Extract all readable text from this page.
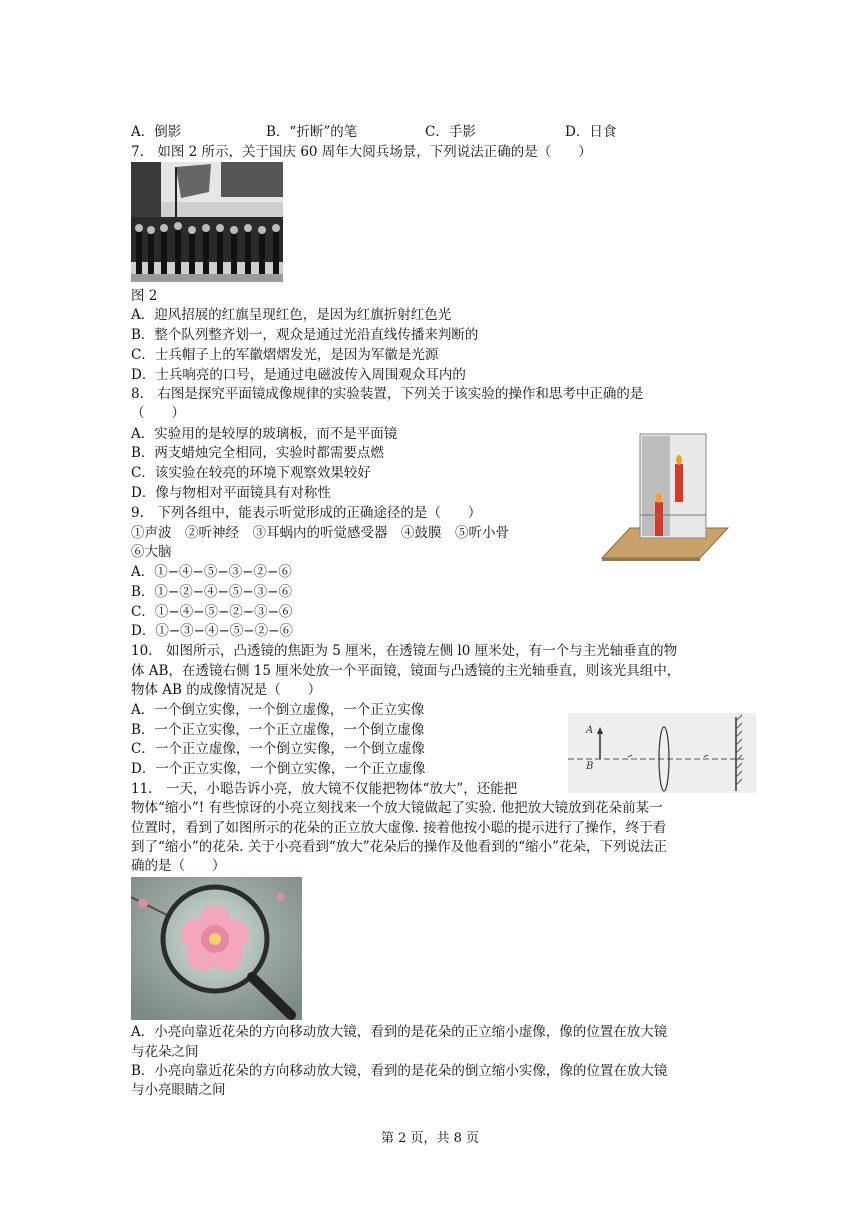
A．倒影	B．“折断”的笔	C．手影	D．日食
7.　如图 2 所示，关于国庆 60 周年大阅兵场景，下列说法正确的是（　　）
图 2
A．迎风招展的红旗呈现红色，是因为红旗折射红色光
B．整个队列整齐划一，观众是通过光沿直线传播来判断的
C．士兵帽子上的军徽熠熠发光，是因为军徽是光源
D．士兵响亮的口号，是通过电磁波传入周围观众耳内的
8.　右图是探究平面镜成像规律的实验装置，下列关于该实验的操作和思考中正确的是
（　　）
A．实验用的是较厚的玻璃板，而不是平面镜
B．两支蜡烛完全相同，实验时都需要点燃
C．该实验在较亮的环境下观察效果较好
D．像与物相对平面镜具有对称性
9.　下列各组中，能表示听觉形成的正确途径的是（　　）
①声波　②听神经　③耳蜗内的听觉感受器　④鼓膜　⑤听小骨
⑥大脑
A．①−④−⑤−③−②−⑥
B．①−②−④−⑤−③−⑥
C．①−④−⑤−②−③−⑥
D．①−③−④−⑤−②−⑥
10.　如图所示，凸透镜的焦距为 5 厘米，在透镜左侧 l0 厘米处，有一个与主光轴垂直的物
体 AB，在透镜右侧 15 厘米处放一个平面镜，镜面与凸透镜的主光轴垂直，则该光具组中，
物体 AB 的成像情况是（　　）
A．一个倒立实像，一个倒立虚像，一个正立实像
B．一个正立实像，一个正立虚像，一个倒立虚像
C．一个正立虚像，一个倒立实像，一个倒立虚像
D．一个正立实像，一个倒立实像，一个正立虚像
A
B
11.　一天，小聪告诉小亮，放大镜不仅能把物体“放大”，还能把
物体“缩小”! 有些惊讶的小亮立刻找来一个放大镜做起了实验. 他把放大镜放到花朵前某一
位置时，看到了如图所示的花朵的正立放大虚像. 接着他按小聪的提示进行了操作，终于看
到了“缩小”的花朵. 关于小亮看到“放大”花朵后的操作及他看到的“缩小”花朵，下列说法正
确的是（　　）
A．小亮向靠近花朵的方向移动放大镜，看到的是花朵的正立缩小虚像，像的位置在放大镜
与花朵之间
B．小亮向靠近花朵的方向移动放大镜，看到的是花朵的倒立缩小实像，像的位置在放大镜
与小亮眼睛之间
第 2 页，共 8 页
